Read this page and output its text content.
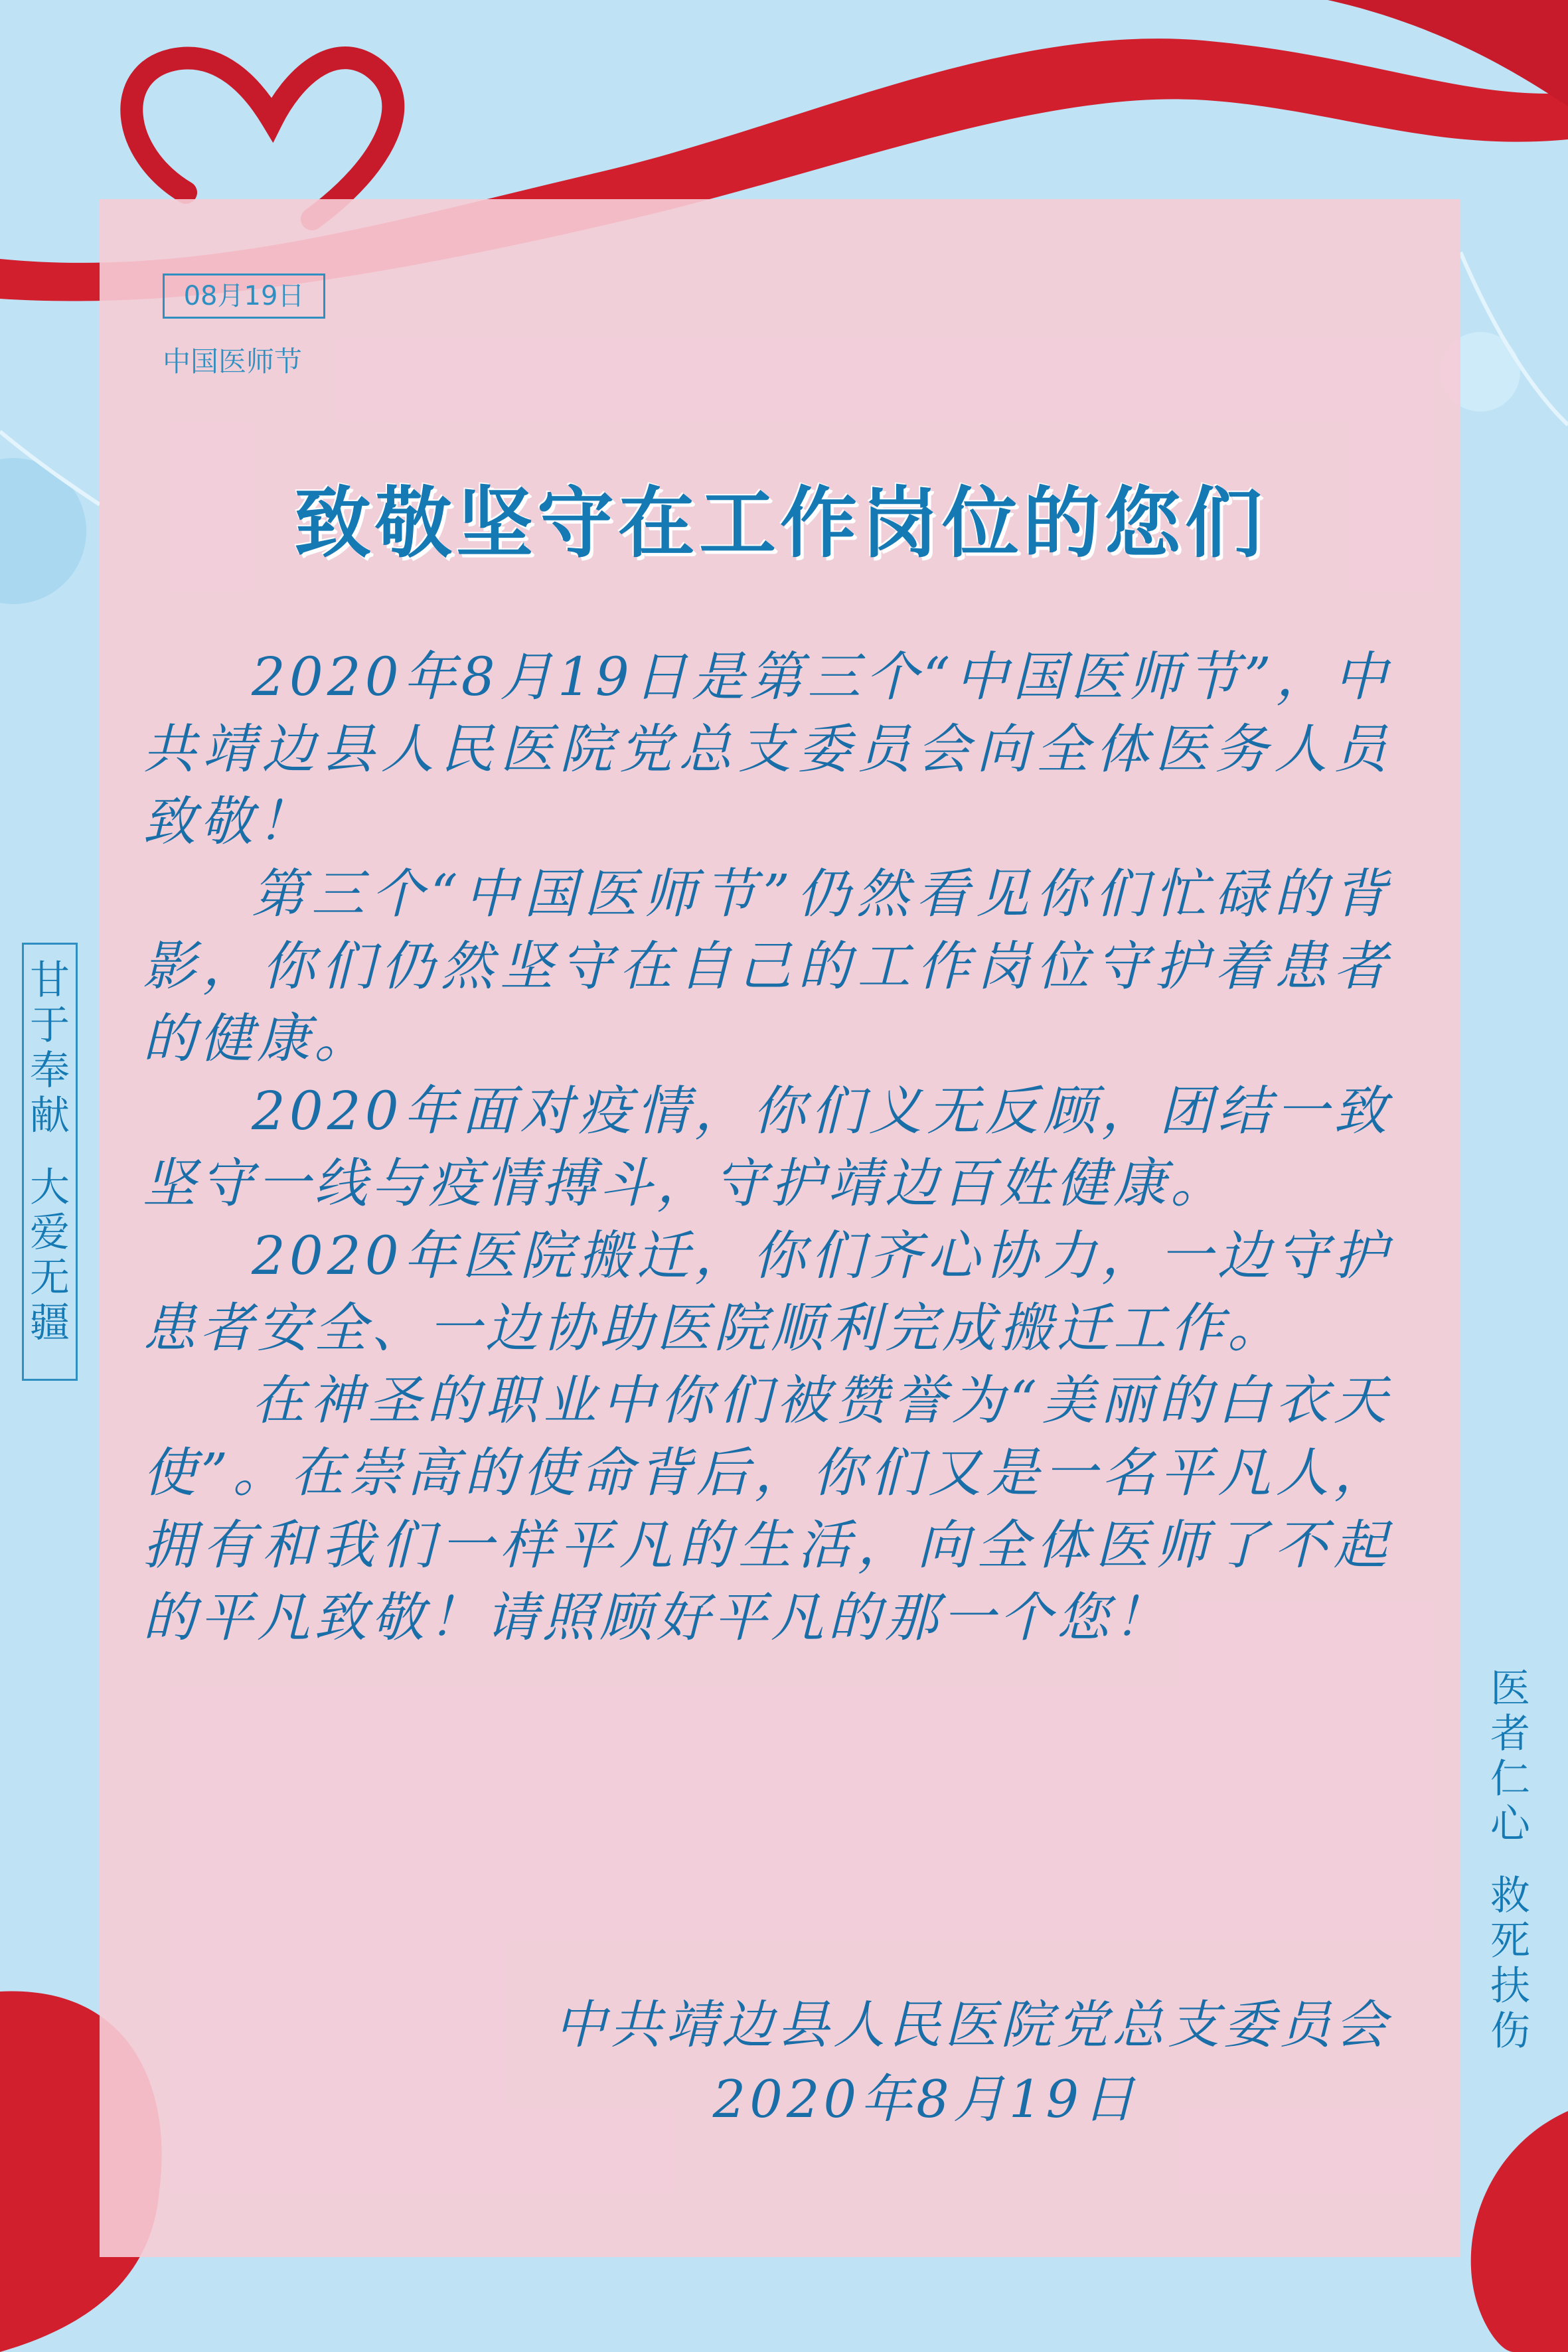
08月19日
中国医师节
致敬坚守在工作岗位的您们

2020年8月19日是第三个“中国医师节”，中共靖边县人民医院党总支委员会向全体医务人员致敬！

第三个“中国医师节”仍然看见你们忙碌的背影，你们仍然坚守在自己的工作岗位守护着患者的健康。

2020年面对疫情，你们义无反顾，团结一致坚守一线与疫情搏斗，守护靖边百姓健康。

2020年医院搬迁，你们齐心协力，一边守护患者安全、一边协助医院顺利完成搬迁工作。

在神圣的职业中你们被赞誉为“美丽的白衣天使”。在崇高的使命背后，你们又是一名平凡人，拥有和我们一样平凡的生活，向全体医师了不起的平凡致敬！请照顾好平凡的那一个您！

中共靖边县人民医院党总支委员会
2020年8月19日
甘
于
奉
献
大
爱
无
疆
医
者
仁
心
救
死
扶
伤
